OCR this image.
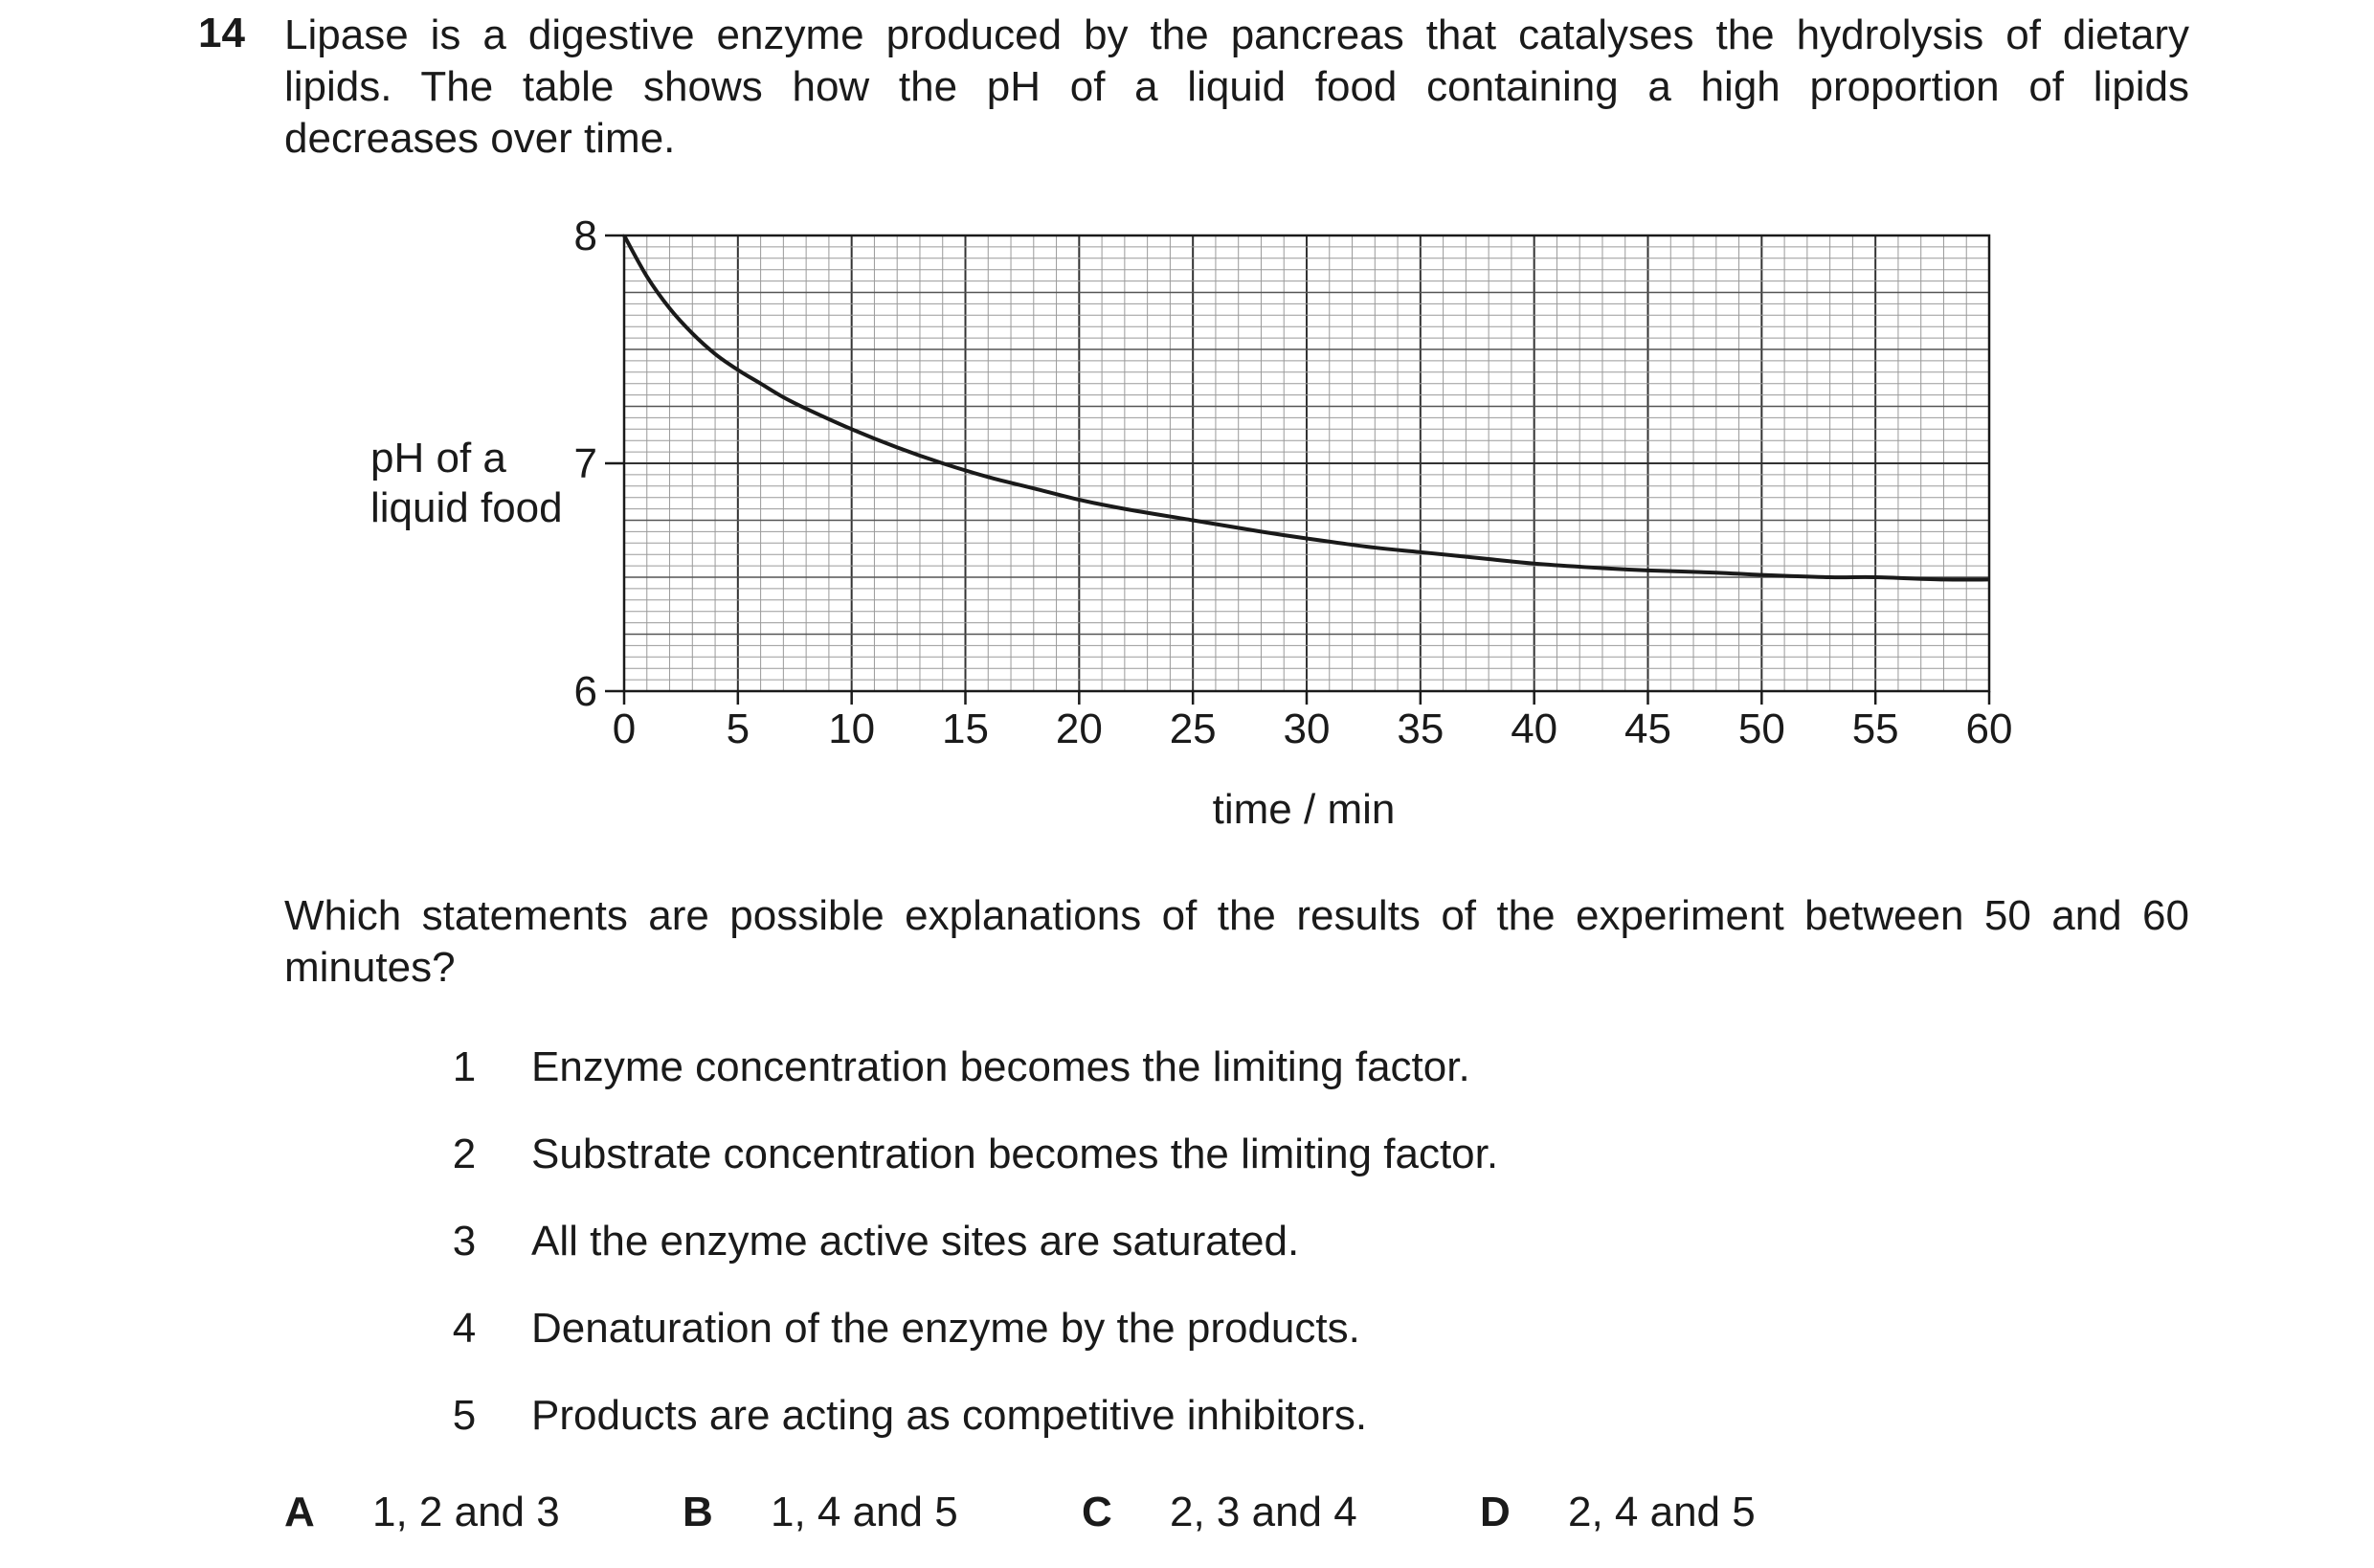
14 Lipase is a digestive enzyme produced by the pancreas that catalyses the hydrolysis of dietary
lipids. The table shows how the pH of a liquid food containing a high proportion of lipids
decreases over time.
0 5 10 15 20 25 30 35 40 45 50 55 60
6
7
8
pH of a
liquid food
time / min
Which statements are possible explanations of the results of the experiment between 50 and 60
minutes?
1 Enzyme concentration becomes the limiting factor.
2 Substrate concentration becomes the limiting factor.
3 All the enzyme active sites are saturated.
4 Denaturation of the enzyme by the products.
5 Products are acting as competitive inhibitors.
A 1, 2 and 3	B 1, 4 and 5	C 2, 3 and 4	D 2, 4 and 5
